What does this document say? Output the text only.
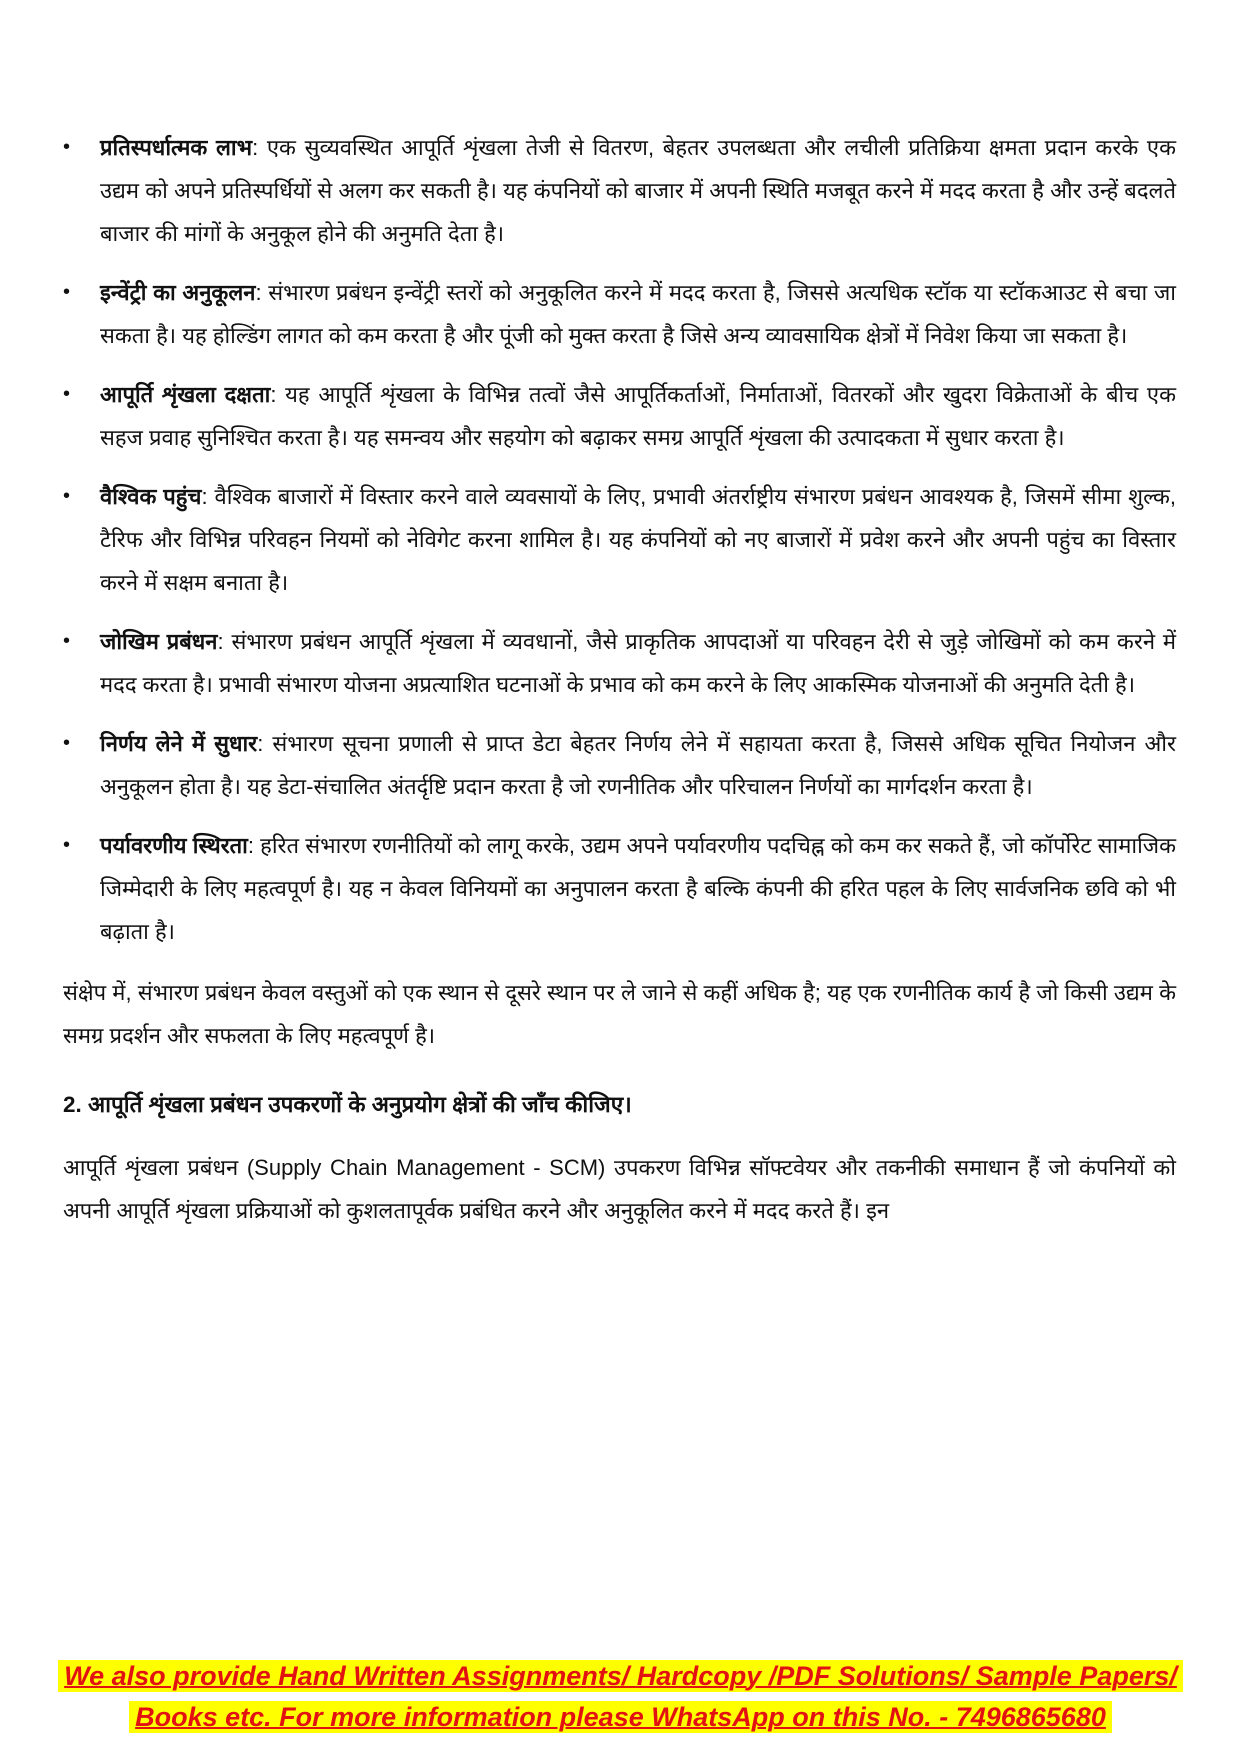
•	प्रतिस्पर्धात्मक लाभ: एक सुव्यवस्थित आपूर्ति शृंखला तेजी से वितरण, बेहतर उपलब्धता और लचीली प्रतिक्रिया क्षमता प्रदान करके एक उद्यम को अपने प्रतिस्पर्धियों से अलग कर सकती है। यह कंपनियों को बाजार में अपनी स्थिति मजबूत करने में मदद करता है और उन्हें बदलते बाजार की मांगों के अनुकूल होने की अनुमति देता है।
•	इन्वेंट्री का अनुकूलन: संभारण प्रबंधन इन्वेंट्री स्तरों को अनुकूलित करने में मदद करता है, जिससे अत्यधिक स्टॉक या स्टॉकआउट से बचा जा सकता है। यह होल्डिंग लागत को कम करता है और पूंजी को मुक्त करता है जिसे अन्य व्यावसायिक क्षेत्रों में निवेश किया जा सकता है।
•	आपूर्ति शृंखला दक्षता: यह आपूर्ति शृंखला के विभिन्न तत्वों जैसे आपूर्तिकर्ताओं, निर्माताओं, वितरकों और खुदरा विक्रेताओं के बीच एक सहज प्रवाह सुनिश्चित करता है। यह समन्वय और सहयोग को बढ़ाकर समग्र आपूर्ति शृंखला की उत्पादकता में सुधार करता है।
•	वैश्विक पहुंच: वैश्विक बाजारों में विस्तार करने वाले व्यवसायों के लिए, प्रभावी अंतर्राष्ट्रीय संभारण प्रबंधन आवश्यक है, जिसमें सीमा शुल्क, टैरिफ और विभिन्न परिवहन नियमों को नेविगेट करना शामिल है। यह कंपनियों को नए बाजारों में प्रवेश करने और अपनी पहुंच का विस्तार करने में सक्षम बनाता है।
•	जोखिम प्रबंधन: संभारण प्रबंधन आपूर्ति शृंखला में व्यवधानों, जैसे प्राकृतिक आपदाओं या परिवहन देरी से जुड़े जोखिमों को कम करने में मदद करता है। प्रभावी संभारण योजना अप्रत्याशित घटनाओं के प्रभाव को कम करने के लिए आकस्मिक योजनाओं की अनुमति देती है।
•	निर्णय लेने में सुधार: संभारण सूचना प्रणाली से प्राप्त डेटा बेहतर निर्णय लेने में सहायता करता है, जिससे अधिक सूचित नियोजन और अनुकूलन होता है। यह डेटा-संचालित अंतर्दृष्टि प्रदान करता है जो रणनीतिक और परिचालन निर्णयों का मार्गदर्शन करता है।
•	पर्यावरणीय स्थिरता: हरित संभारण रणनीतियों को लागू करके, उद्यम अपने पर्यावरणीय पदचिह्न को कम कर सकते हैं, जो कॉर्पोरेट सामाजिक जिम्मेदारी के लिए महत्वपूर्ण है। यह न केवल विनियमों का अनुपालन करता है बल्कि कंपनी की हरित पहल के लिए सार्वजनिक छवि को भी बढ़ाता है।

संक्षेप में, संभारण प्रबंधन केवल वस्तुओं को एक स्थान से दूसरे स्थान पर ले जाने से कहीं अधिक है; यह एक रणनीतिक कार्य है जो किसी उद्यम के समग्र प्रदर्शन और सफलता के लिए महत्वपूर्ण है।

2. आपूर्ति शृंखला प्रबंधन उपकरणों के अनुप्रयोग क्षेत्रों की जाँच कीजिए।

आपूर्ति शृंखला प्रबंधन (Supply Chain Management - SCM) उपकरण विभिन्न सॉफ्टवेयर और तकनीकी समाधान हैं जो कंपनियों को अपनी आपूर्ति शृंखला प्रक्रियाओं को कुशलतापूर्वक प्रबंधित करने और अनुकूलित करने में मदद करते हैं। इन

We also provide Hand Written Assignments/ Hardcopy /PDF Solutions/ Sample Papers/
Books etc. For more information please WhatsApp on this No. - 7496865680
